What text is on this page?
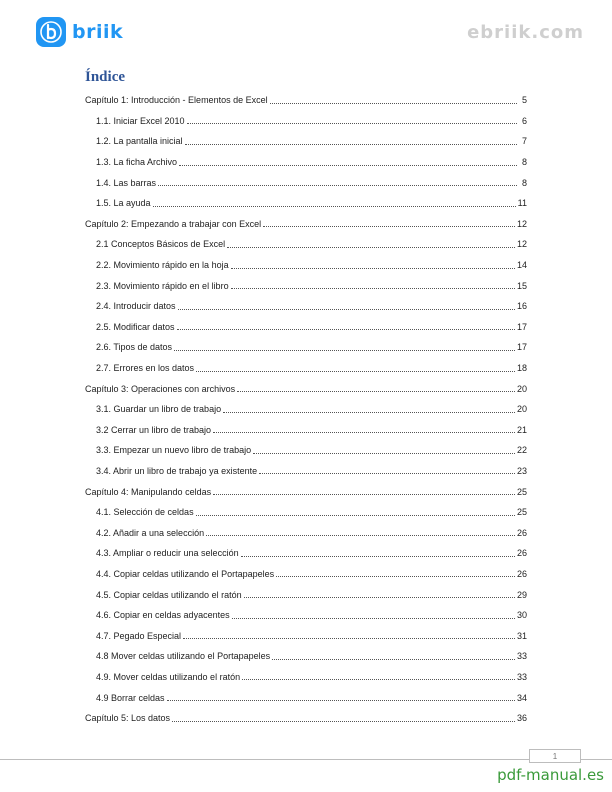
briik	ebriik.com
Índice
Capítulo 1: Introducción - Elementos de Excel	5
1.1. Iniciar Excel 2010	6
1.2. La pantalla inicial	7
1.3. La ficha Archivo	8
1.4. Las barras	8
1.5. La ayuda	11
Capítulo 2: Empezando a trabajar con Excel	12
2.1 Conceptos Básicos de Excel	12
2.2. Movimiento rápido en la hoja	14
2.3. Movimiento rápido en el libro	15
2.4. Introducir datos	16
2.5. Modificar datos	17
2.6. Tipos de datos	17
2.7. Errores en los datos	18
Capítulo 3: Operaciones con archivos	20
3.1. Guardar un libro de trabajo	20
3.2 Cerrar un libro de trabajo	21
3.3. Empezar un nuevo libro de trabajo	22
3.4. Abrir un libro de trabajo ya existente	23
Capítulo 4: Manipulando celdas	25
4.1. Selección de celdas	25
4.2. Añadir a una selección	26
4.3. Ampliar o reducir una selección	26
4.4. Copiar celdas utilizando el Portapapeles	26
4.5. Copiar celdas utilizando el ratón	29
4.6. Copiar en celdas adyacentes	30
4.7. Pegado Especial	31
4.8 Mover celdas utilizando el Portapapeles	33
4.9. Mover celdas utilizando el ratón	33
4.9 Borrar celdas	34
Capítulo 5: Los datos	36
1
pdf-manual.es
